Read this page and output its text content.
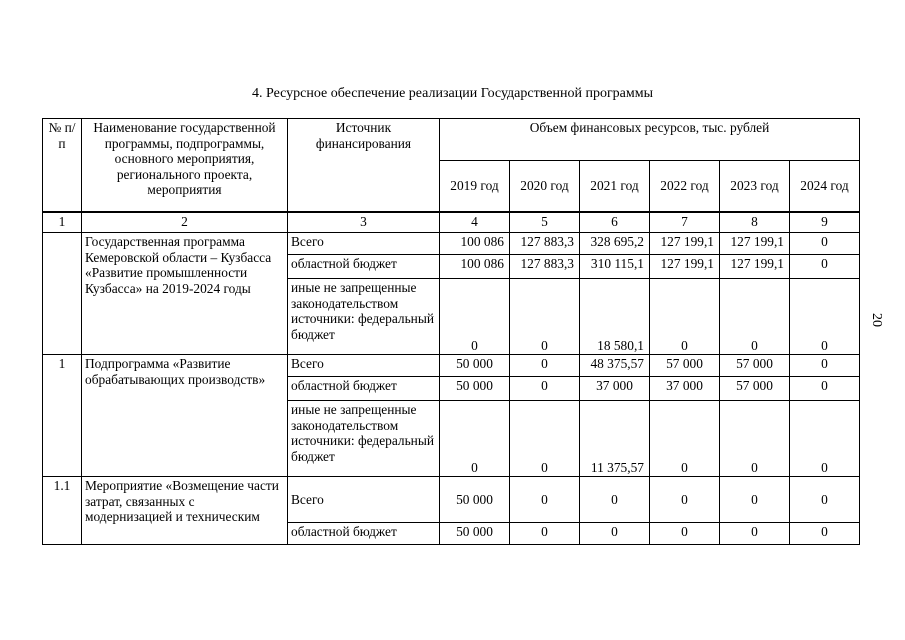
4. Ресурсное обеспечение реализации Государственной программы
20
№ п/п	Наименование государственной программы, подпрограммы, основного мероприятия, регионального проекта, мероприятия	Источник финансирования	Объем финансовых ресурсов, тыс. рублей					
			2019 год	2020 год	2021 год	2022 год	2023 год	2024 год
1	2	3	4	5	6	7	8	9
	Государственная программа Кемеровской области – Кузбасса «Развитие промышленности Кузбасса» на 2019-2024 годы	Всего	100 086	127 883,3	328 695,2	127 199,1	127 199,1	0
		областной бюджет	100 086	127 883,3	310 115,1	127 199,1	127 199,1	0
		иные не запрещенные законодательством источники: федеральный бюджет	0	0	18 580,1	0	0	0
1	Подпрограмма «Развитие обрабатывающих производств»	Всего	50 000	0	48 375,57	57 000	57 000	0
		областной бюджет	50 000	0	37 000	37 000	57 000	0
		иные не запрещенные законодательством источники: федеральный бюджет	0	0	11 375,57	0	0	0
1.1	Мероприятие «Возмещение части затрат, связанных с модернизацией и техническим	Всего	50 000	0	0	0	0	0
		областной бюджет	50 000	0	0	0	0	0
